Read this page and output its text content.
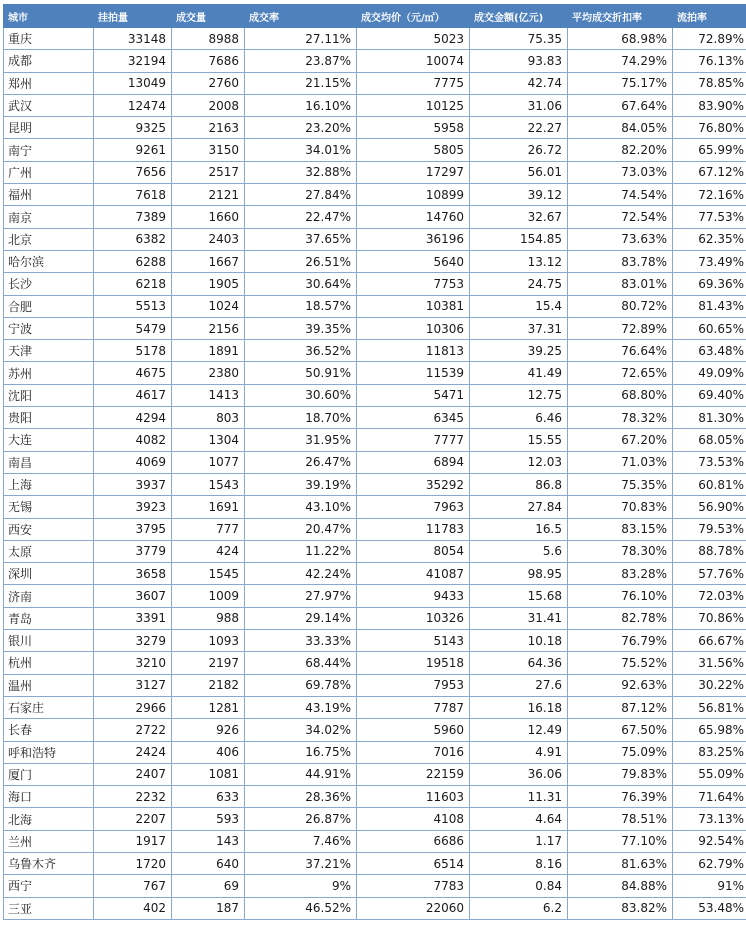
城市	挂拍量	成交量	成交率	成交均价（元/㎡）	成交金额(亿元)	平均成交折扣率	流拍率
重庆	33148	8988	27.11%	5023	75.35	68.98%	72.89%
成都	32194	7686	23.87%	10074	93.83	74.29%	76.13%
郑州	13049	2760	21.15%	7775	42.74	75.17%	78.85%
武汉	12474	2008	16.10%	10125	31.06	67.64%	83.90%
昆明	9325	2163	23.20%	5958	22.27	84.05%	76.80%
南宁	9261	3150	34.01%	5805	26.72	82.20%	65.99%
广州	7656	2517	32.88%	17297	56.01	73.03%	67.12%
福州	7618	2121	27.84%	10899	39.12	74.54%	72.16%
南京	7389	1660	22.47%	14760	32.67	72.54%	77.53%
北京	6382	2403	37.65%	36196	154.85	73.63%	62.35%
哈尔滨	6288	1667	26.51%	5640	13.12	83.78%	73.49%
长沙	6218	1905	30.64%	7753	24.75	83.01%	69.36%
合肥	5513	1024	18.57%	10381	15.4	80.72%	81.43%
宁波	5479	2156	39.35%	10306	37.31	72.89%	60.65%
天津	5178	1891	36.52%	11813	39.25	76.64%	63.48%
苏州	4675	2380	50.91%	11539	41.49	72.65%	49.09%
沈阳	4617	1413	30.60%	5471	12.75	68.80%	69.40%
贵阳	4294	803	18.70%	6345	6.46	78.32%	81.30%
大连	4082	1304	31.95%	7777	15.55	67.20%	68.05%
南昌	4069	1077	26.47%	6894	12.03	71.03%	73.53%
上海	3937	1543	39.19%	35292	86.8	75.35%	60.81%
无锡	3923	1691	43.10%	7963	27.84	70.83%	56.90%
西安	3795	777	20.47%	11783	16.5	83.15%	79.53%
太原	3779	424	11.22%	8054	5.6	78.30%	88.78%
深圳	3658	1545	42.24%	41087	98.95	83.28%	57.76%
济南	3607	1009	27.97%	9433	15.68	76.10%	72.03%
青岛	3391	988	29.14%	10326	31.41	82.78%	70.86%
银川	3279	1093	33.33%	5143	10.18	76.79%	66.67%
杭州	3210	2197	68.44%	19518	64.36	75.52%	31.56%
温州	3127	2182	69.78%	7953	27.6	92.63%	30.22%
石家庄	2966	1281	43.19%	7787	16.18	87.12%	56.81%
长春	2722	926	34.02%	5960	12.49	67.50%	65.98%
呼和浩特	2424	406	16.75%	7016	4.91	75.09%	83.25%
厦门	2407	1081	44.91%	22159	36.06	79.83%	55.09%
海口	2232	633	28.36%	11603	11.31	76.39%	71.64%
北海	2207	593	26.87%	4108	4.64	78.51%	73.13%
兰州	1917	143	7.46%	6686	1.17	77.10%	92.54%
乌鲁木齐	1720	640	37.21%	6514	8.16	81.63%	62.79%
西宁	767	69	9%	7783	0.84	84.88%	91%
三亚	402	187	46.52%	22060	6.2	83.82%	53.48%
